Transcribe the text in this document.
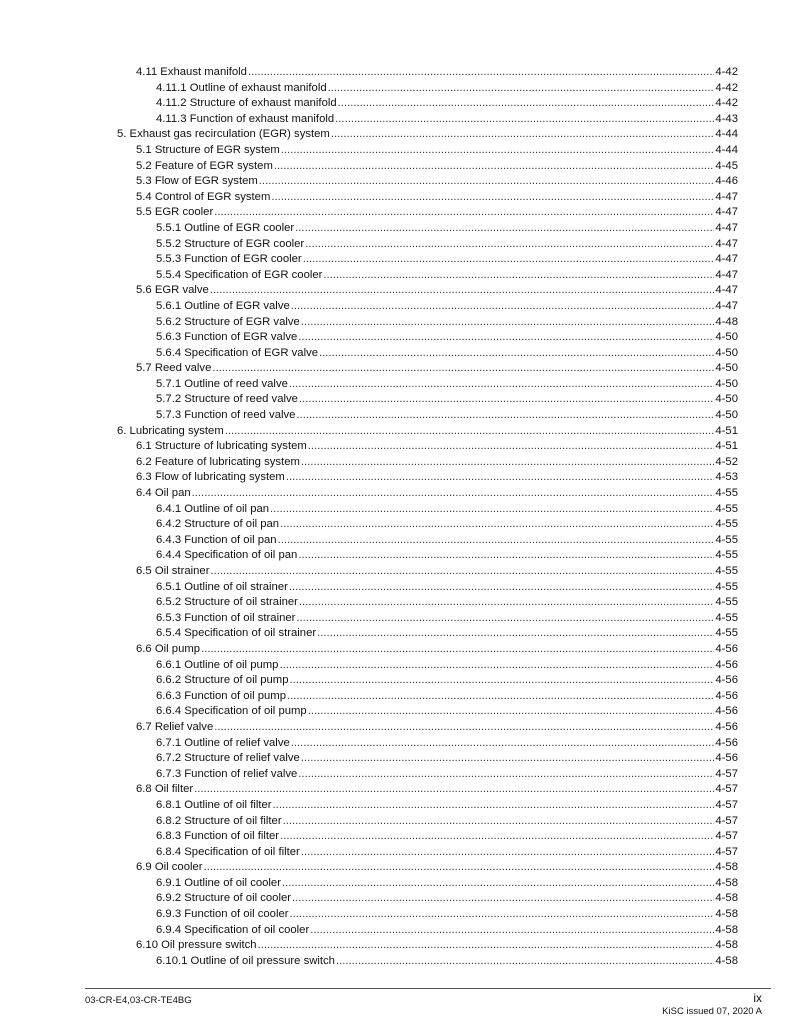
4.11 Exhaust manifold .....	4-42
4.11.1 Outline of exhaust manifold .....	4-42
4.11.2 Structure of exhaust manifold .....	4-42
4.11.3 Function of exhaust manifold .....	4-43
5. Exhaust gas recirculation (EGR) system .....	4-44
5.1 Structure of EGR system .....	4-44
5.2 Feature of EGR system .....	4-45
5.3 Flow of EGR system .....	4-46
5.4 Control of EGR system .....	4-47
5.5 EGR cooler .....	4-47
5.5.1 Outline of EGR cooler .....	4-47
5.5.2 Structure of EGR cooler .....	4-47
5.5.3 Function of EGR cooler .....	4-47
5.5.4 Specification of EGR cooler .....	4-47
5.6 EGR valve .....	4-47
5.6.1 Outline of EGR valve .....	4-47
5.6.2 Structure of EGR valve .....	4-48
5.6.3 Function of EGR valve .....	4-50
5.6.4 Specification of EGR valve .....	4-50
5.7 Reed valve .....	4-50
5.7.1 Outline of reed valve .....	4-50
5.7.2 Structure of reed valve .....	4-50
5.7.3 Function of reed valve .....	4-50
6. Lubricating system .....	4-51
6.1 Structure of lubricating system .....	4-51
6.2 Feature of lubricating system .....	4-52
6.3 Flow of lubricating system .....	4-53
6.4 Oil pan .....	4-55
6.4.1 Outline of oil pan .....	4-55
6.4.2 Structure of oil pan .....	4-55
6.4.3 Function of oil pan .....	4-55
6.4.4 Specification of oil pan .....	4-55
6.5 Oil strainer .....	4-55
6.5.1 Outline of oil strainer .....	4-55
6.5.2 Structure of oil strainer .....	4-55
6.5.3 Function of oil strainer .....	4-55
6.5.4 Specification of oil strainer .....	4-55
6.6 Oil pump .....	4-56
6.6.1 Outline of oil pump .....	4-56
6.6.2 Structure of oil pump .....	4-56
6.6.3 Function of oil pump .....	4-56
6.6.4 Specification of oil pump .....	4-56
6.7 Relief valve .....	4-56
6.7.1 Outline of relief valve .....	4-56
6.7.2 Structure of relief valve .....	4-56
6.7.3 Function of relief valve .....	4-57
6.8 Oil filter .....	4-57
6.8.1 Outline of oil filter .....	4-57
6.8.2 Structure of oil filter .....	4-57
6.8.3 Function of oil filter .....	4-57
6.8.4 Specification of oil filter .....	4-57
6.9 Oil cooler .....	4-58
6.9.1 Outline of oil cooler .....	4-58
6.9.2 Structure of oil cooler .....	4-58
6.9.3 Function of oil cooler .....	4-58
6.9.4 Specification of oil cooler .....	4-58
6.10 Oil pressure switch .....	4-58
6.10.1 Outline of oil pressure switch .....	4-58
03-CR-E4,03-CR-TE4BG	ix
KiSC issued 07, 2020 A
